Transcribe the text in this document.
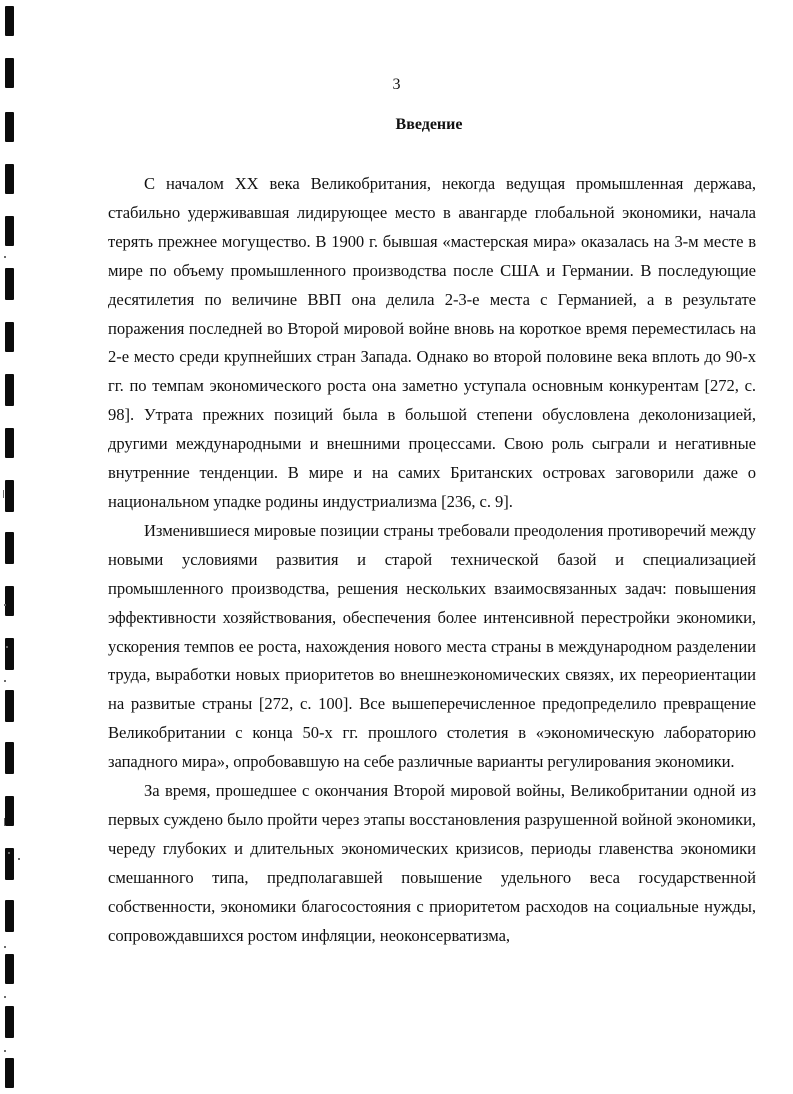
3
Введение

С началом XX века Великобритания, некогда ведущая промышленная держава, стабильно удерживавшая лидирующее место в авангарде глобальной экономики, начала терять прежнее могущество. В 1900 г. бывшая «мастерская мира» оказалась на 3-м месте в мире по объему промышленного производства после США и Германии. В последующие десятилетия по величине ВВП она делила 2-3-е места с Германией, а в результате поражения последней во Второй мировой войне вновь на короткое время переместилась на 2-е место среди крупнейших стран Запада. Однако во второй половине века вплоть до 90-х гг. по темпам экономического роста она заметно уступала основным конкурентам [272, с. 98]. Утрата прежних позиций была в большой степени обусловлена деколонизацией, другими международными и внешними процессами. Свою роль сыграли и негативные внутренние тенденции. В мире и на самих Британских островах заговорили даже о национальном упадке родины индустриализма [236, с. 9].

Изменившиеся мировые позиции страны требовали преодоления противоречий между новыми условиями развития и старой технической базой и специализацией промышленного производства, решения нескольких взаимосвязанных задач: повышения эффективности хозяйствования, обеспечения более интенсивной перестройки экономики, ускорения темпов ее роста, нахождения нового места страны в международном разделении труда, выработки новых приоритетов во внешнеэкономических связях, их переориентации на развитые страны [272, с. 100]. Все вышеперечисленное предопределило превращение Великобритании с конца 50-х гг. прошлого столетия в «экономическую лабораторию западного мира», опробовавшую на себе различные варианты регулирования экономики.

За время, прошедшее с окончания Второй мировой войны, Великобритании одной из первых суждено было пройти через этапы восстановления разрушенной войной экономики, череду глубоких и длительных экономических кризисов, периоды главенства экономики смешанного типа, предполагавшей повышение удельного веса государственной собственности, экономики благосостояния с приоритетом расходов на социальные нужды, сопровождавшихся ростом инфляции, неоконсерватизма,
